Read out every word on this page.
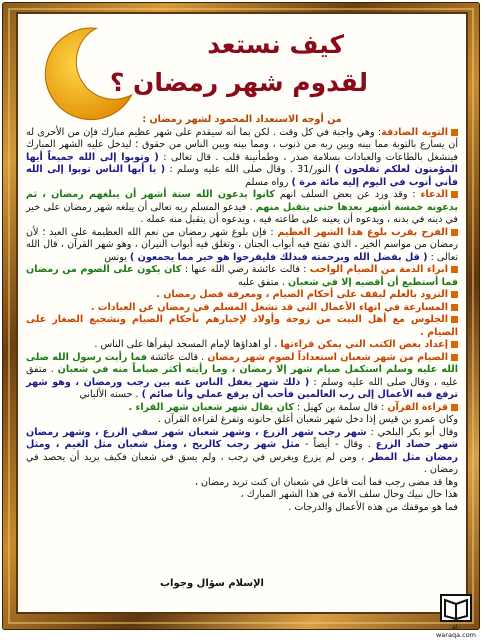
كيف نستعد
لقدوم شهر رمضان ؟

من أوجه الاستعداد المحمود لشهر رمضان :

التوبة الصادقة: وهي واجبة في كل وقت . لكن بما أنه سيقدم على شهر عظيم مبارك فإن من الأحرى له أن يسارع بالتوبة مما بينه وبين ربه من ذنوب ، ومما بينه وبين الناس من حقوق ؛ ليدخل عليه الشهر المبارك فينشغل بالطاعات والعبادات بسلامة صدر ، وطمأنينة قلب . قال تعالى : ( وتوبوا إلى الله جميعاً أيها المؤمنون لعلكم تفلحون ) النور/31 . وقال صلى الله عليه وسلم : ( يا أيها الناس توبوا إلى الله فأني أتوب في اليوم إليه مائة مرة ) رواه مسلم

الدعاء : وقد ورد عن بعض السلف انهم كانوا يدعون الله ستة أشهر أن يبلغهم رمضان ، ثم يدعونه خمسة أشهر بعدها حتى يتقبل منهم . فيدعو المسلم ربه تعالى أن يبلغه شهر رمضان على خير في دينه في بدنه ، ويدعوه أن يعينه على طاعته فيه ، ويدعوه أن يتقبل منه عمله .

الفرح بقرب بلوغ هذا الشهر العظيم : فإن بلوغ شهر رمضان من نعم الله العظيمة على العبد ؛ لأن رمضان من مواسم الخير ، الذي تفتح فيه أبواب الجنان ، وتغلق فيه أبواب النيران ، وهو شهر القرآن ، قال الله تعالى : ( قل بفضل الله وبرحمته فبذلك فليفرحوا هو خير مما يجمعون ) يونس

ابراء الذمة من الصيام الواجب : قالت عائشة رضي الله عنها : كان يكون على الصوم من رمضان فما أستطيع أن أقضيه إلا في شعبان . متفق عليه

التزود بالعلم ليقف على أحكام الصيام ، ومعرفة فضل رمضان .

المسارعة في انهاء الأعمال التي قد تشغل المسلم في رمضان عن العبادات .

الجلوس مع أهل البيت من زوجة وأولاد لإخبارهم بأحكام الصيام وتشجيع الصغار على الصيام .

إعداد بعض الكتب التي يمكن قراءتها ، أو اهداؤها لإمام المسجد ليقرأها على الناس .

الصيام من شهر شعبان استعداداً لصوم شهر رمضان . قالت عائشة فما رأيت رسول الله صلى الله عليه وسلم استكمل صيام شهر إلا رمضان ، وما رأيته أكثر صياماً منه في شعبان . متفق عليه ، وقال صلى الله عليه وسلم : ( ذلك شهر يغفل الناس عنه بين رجب ورمضان ، وهو شهر ترفع فيه الأعمال إلى رب العالمين فأحب أن يرفع عملي وأنا صائم ) . حسنه الألباني

قراءة القرآن : قال سلمة بن كهيل : كان يقال شهر شعبان شهر القراء .

وكان عمرو بن قيس إذا دخل شهر شعبان أغلق حانوته وتفرغ لقراءة القرآن .

وقال أبو بكر البلخي : شهر رجب شهر الزرع ، وشهر شعبان شهر سقي الزرع ، وشهر رمضان شهر حصاد الزرع . وقال - أيضاً - مثل شهر رجب كالريح ، ومثل شعبان مثل الغيم ، ومثل رمضان مثل المطر ، ومن لم يزرع ويغرس في رجب ، ولم يسق في شعبان فكيف يريد أن يحصد في رمضان .

وها قد مضى رجب فما أنت فاعل في شعبان ان كنت تريد رمضان ،

هذا حال نبيك وحال سلف الأمة في هذا الشهر المبارك ،

فما هو موقفك من هذه الأعمال والدرجات .

الإسلام سؤال وجواب
al-waraqa.com
